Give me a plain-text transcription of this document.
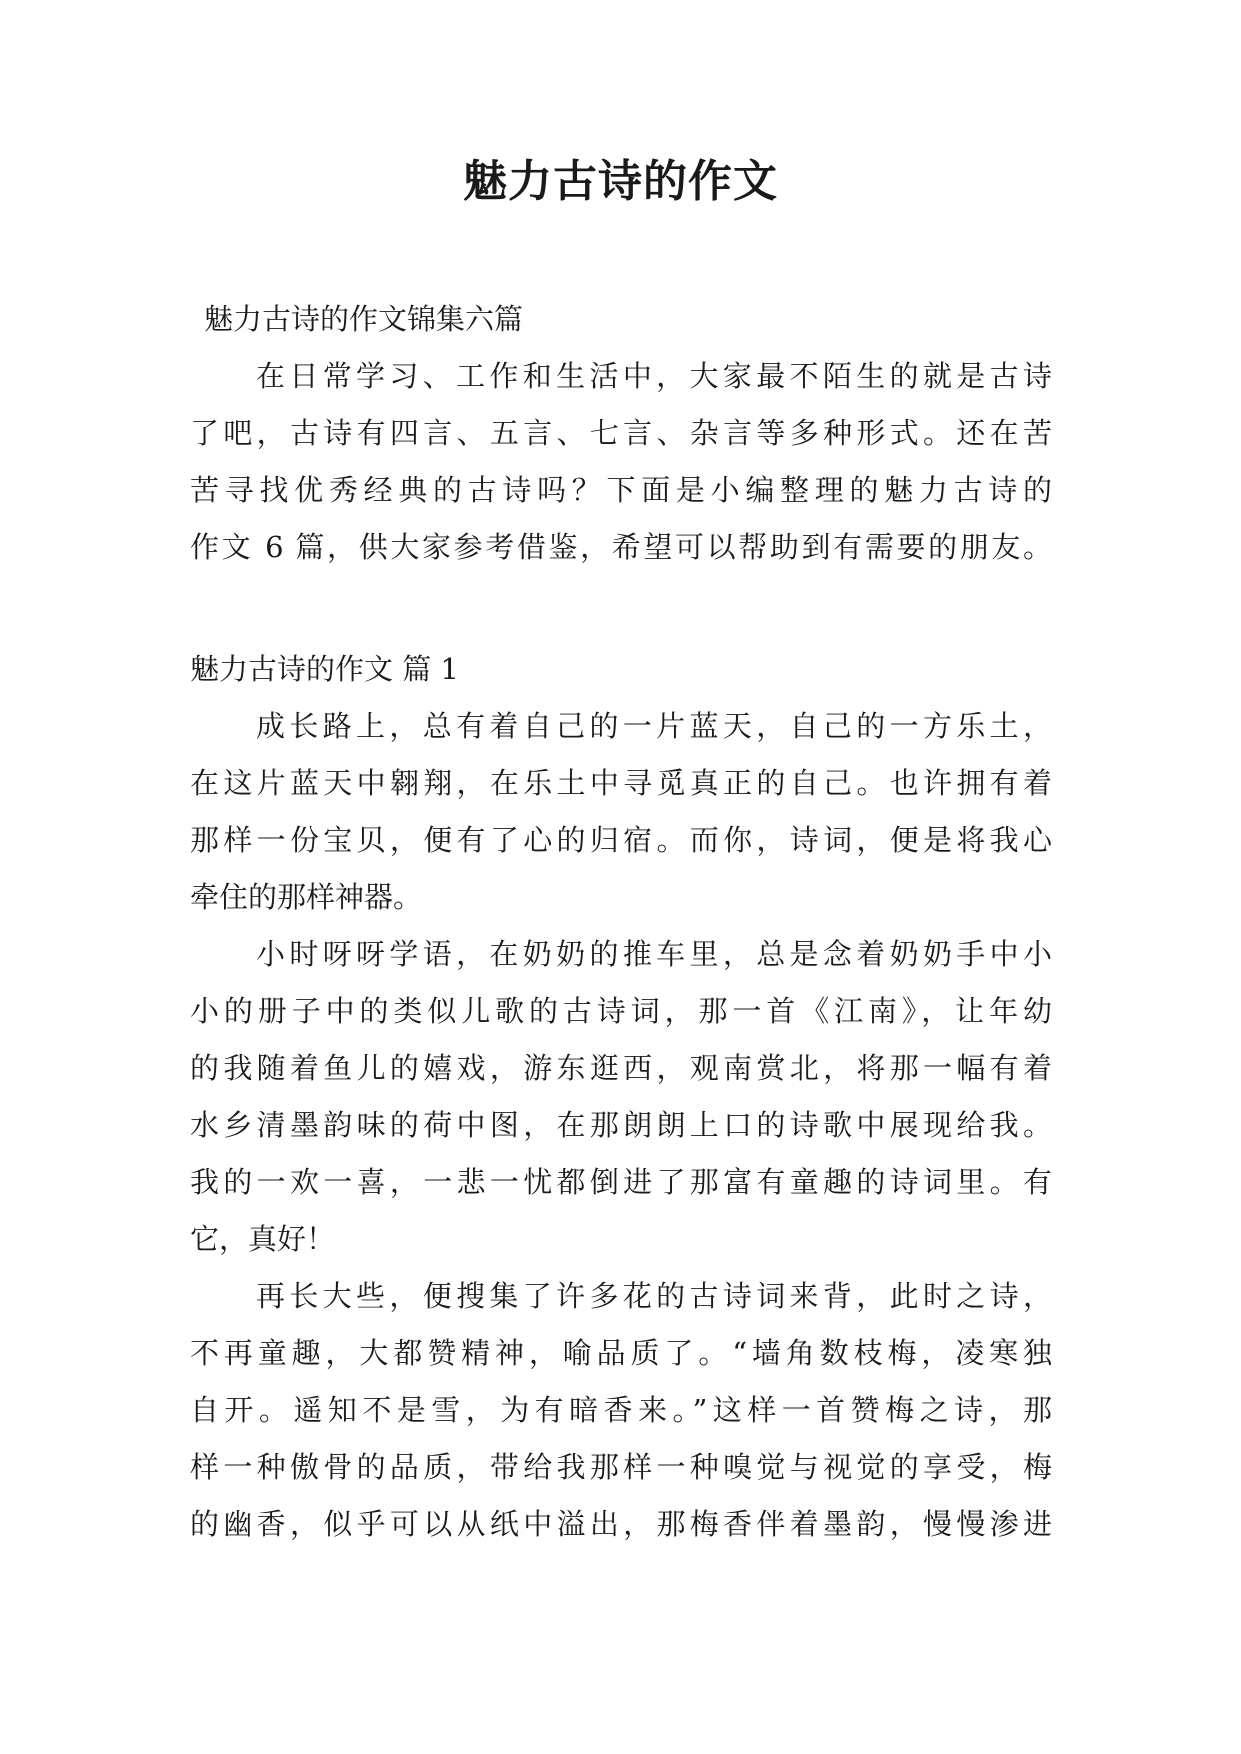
魅力古诗的作文
魅力古诗的作文锦集六篇
在日常学习、工作和生活中，大家最不陌生的就是古诗
了吧，古诗有四言、五言、七言、杂言等多种形式。还在苦
苦寻找优秀经典的古诗吗？下面是小编整理的魅力古诗的
作文 6 篇，供大家参考借鉴，希望可以帮助到有需要的朋友。
魅力古诗的作文 篇 1
成长路上，总有着自己的一片蓝天，自己的一方乐土，
在这片蓝天中翱翔，在乐土中寻觅真正的自己。也许拥有着
那样一份宝贝，便有了心的归宿。而你，诗词，便是将我心
牵住的那样神器。
小时呀呀学语，在奶奶的推车里，总是念着奶奶手中小
小的册子中的类似儿歌的古诗词，那一首《江南》，让年幼
的我随着鱼儿的嬉戏，游东逛西，观南赏北，将那一幅有着
水乡清墨韵味的荷中图，在那朗朗上口的诗歌中展现给我。
我的一欢一喜，一悲一忧都倒进了那富有童趣的诗词里。有
它，真好！
再长大些，便搜集了许多花的古诗词来背，此时之诗，
不再童趣，大都赞精神，喻品质了。“墙角数枝梅，凌寒独
自开。遥知不是雪，为有暗香来。”这样一首赞梅之诗，那
样一种傲骨的品质，带给我那样一种嗅觉与视觉的享受，梅
的幽香，似乎可以从纸中溢出，那梅香伴着墨韵，慢慢渗进
